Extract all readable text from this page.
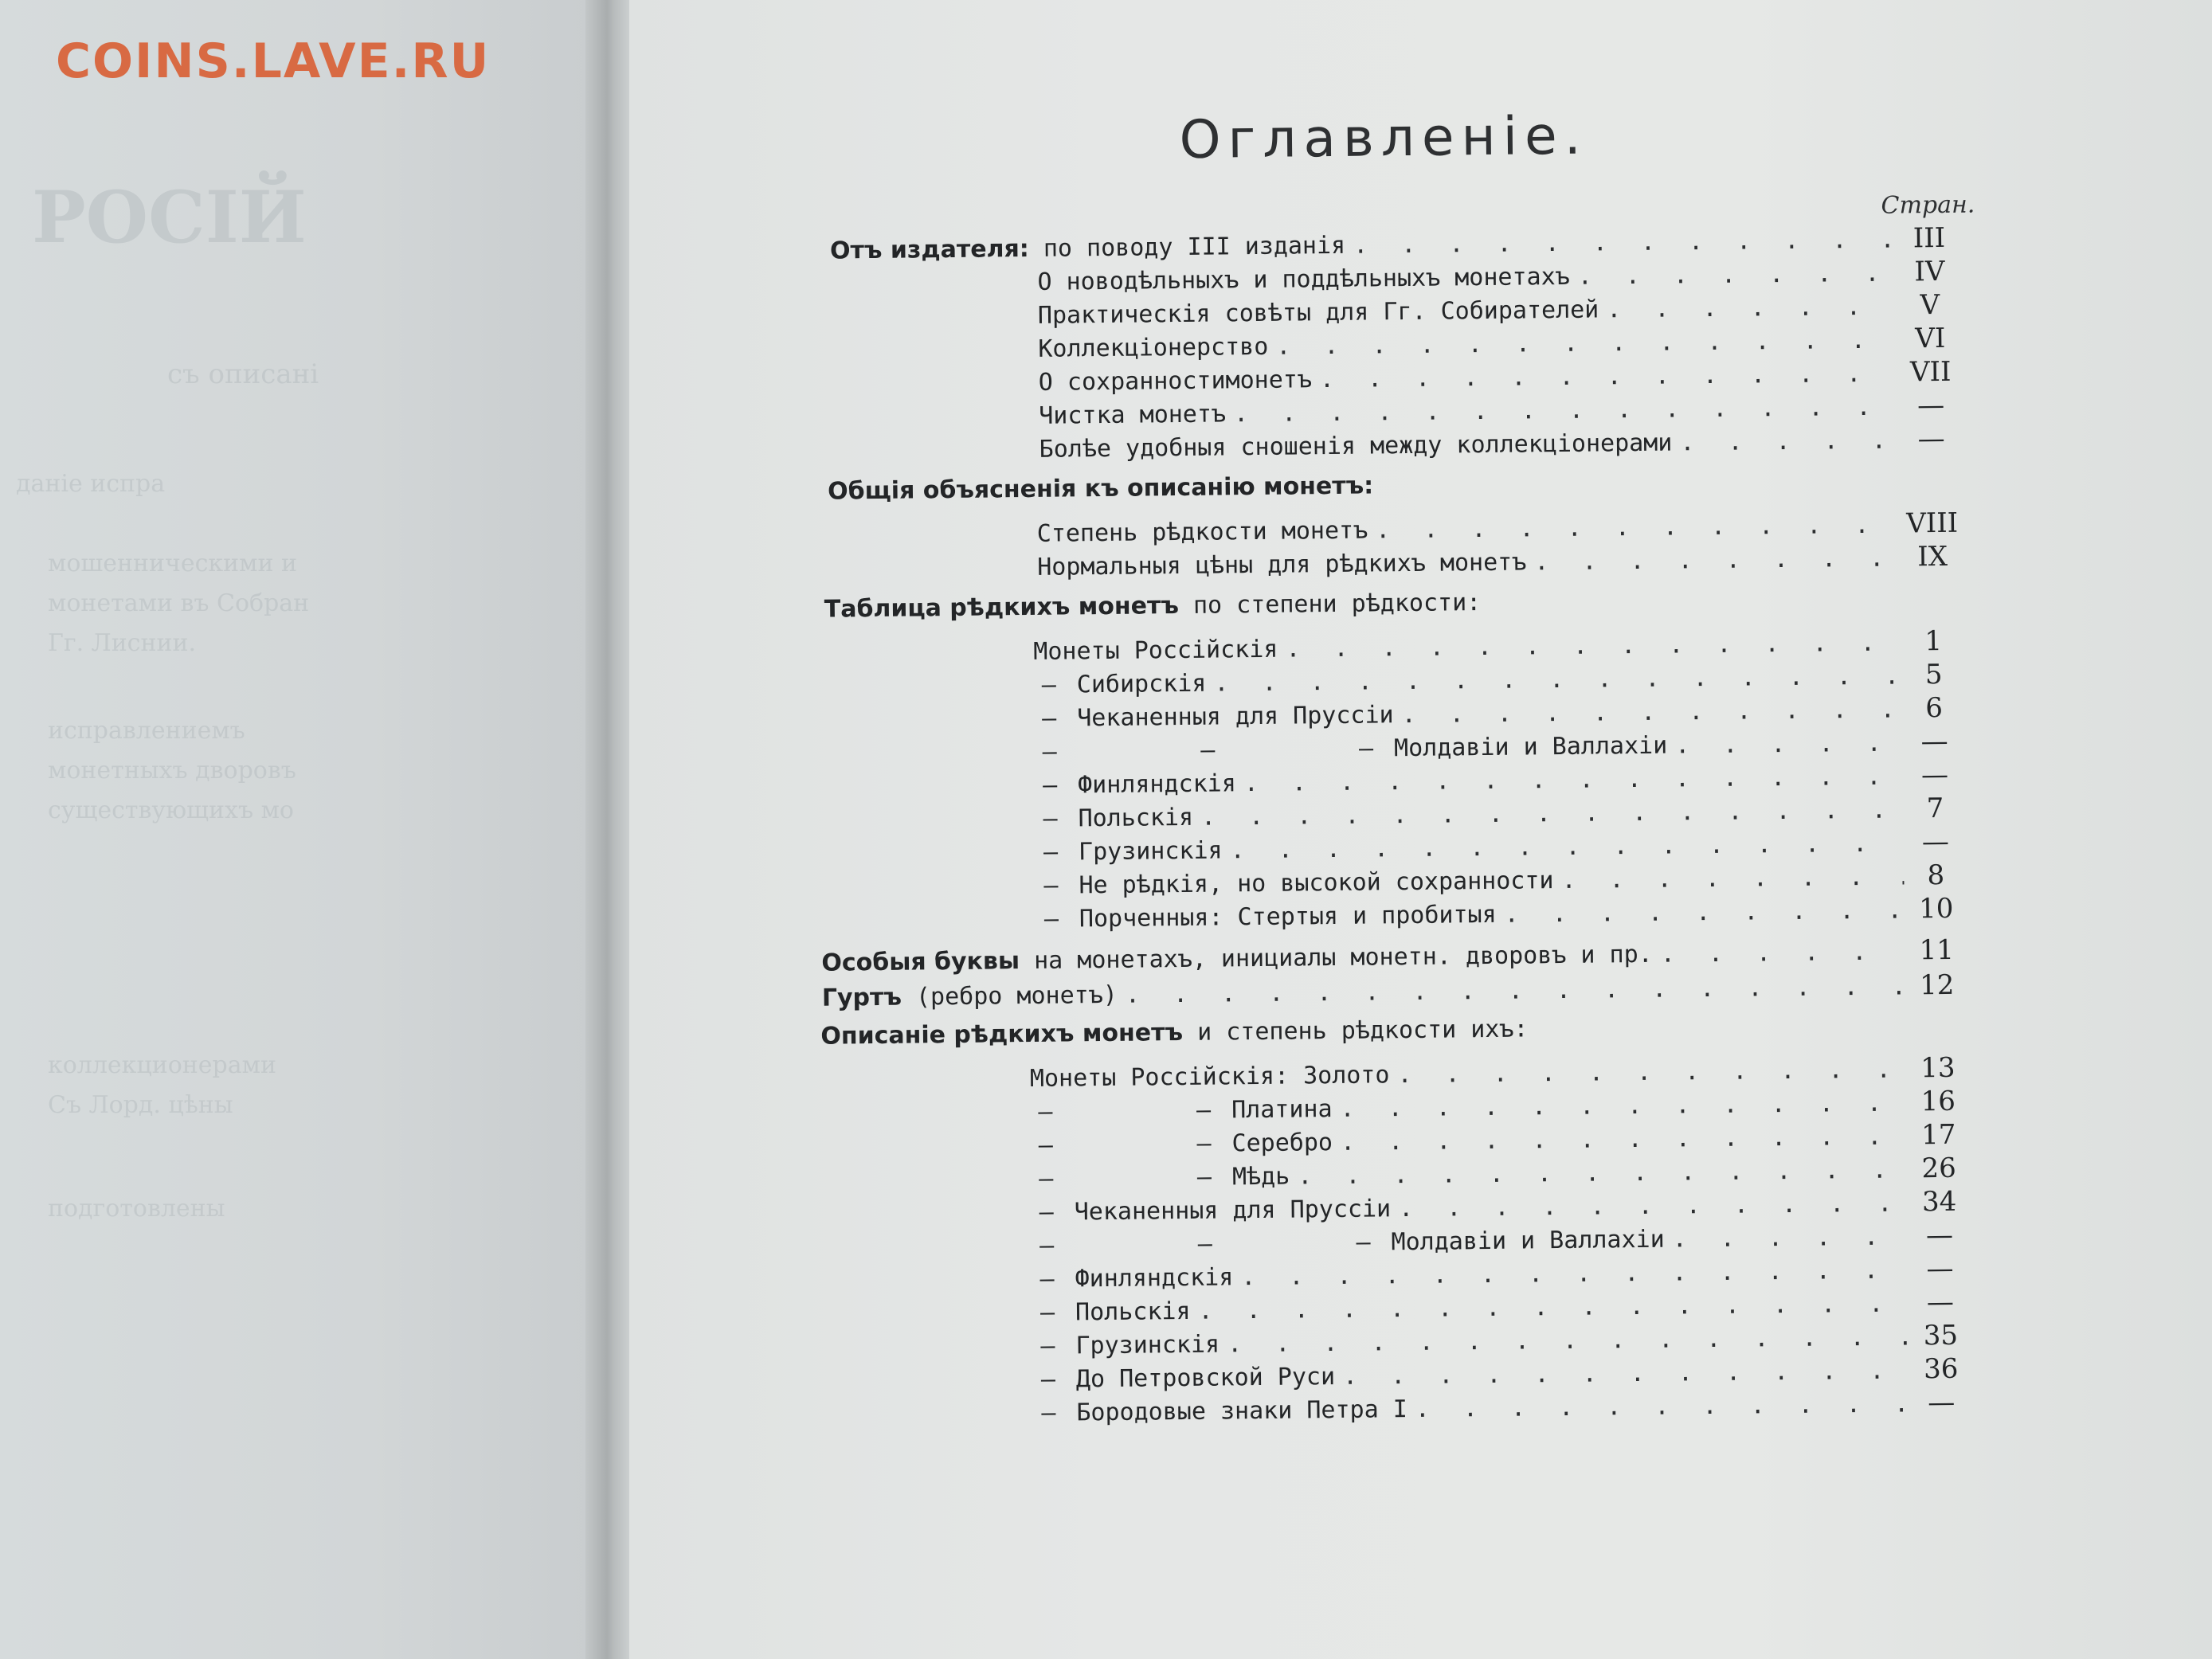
РОСІЙ
съ описані
данiе испра
мошенническими и
монетами въ Собран
Гг. Лиснии.
исправлениемъ
монетныхъ дворовъ
существующихъ мо
коллекционерами
Съ Лорд. цѣны
подготовлены

COINS.LAVE.RU

Оглавленiе.
Стран.
Отъ издателя: по поводу III изданiя . . .	III
О новодѣльныхъ и поддѣльныхъ монетахъ . . .	IV
Практическiя совѣты для Гг. Собирателей . . .	V
Коллекцiонерство . . .	VI
О сохранностимонетъ . . .	VII
Чистка монетъ . . .	—
Болѣе удобныя сношенiя между коллекцiонерами . . .	—
Общiя объясненiя къ описанiю монетъ:
Степень рѣдкости монетъ . . .	VIII
Нормальныя цѣны для рѣдкихъ монетъ . . .	IX
Таблица рѣдкихъ монетъ по степени рѣдкости:
Монеты Россiйскiя . . .	1
— Сибирскiя . . .	5
— Чеканенныя для Пруссiи . . .	6
—          —          — Молдавiи и Валлахiи . . .	—
— Финляндскiя . . .	—
— Польскiя . . .	7
— Грузинскiя . . .	—
— Не рѣдкiя, но высокой сохранности . . .	8
— Порченныя: Стертыя и пробитыя . . .	10
Особыя буквы на монетахъ, инициалы монетн. дворовъ и пр. . . .	11
Гуртъ (ребро монетъ) . . .	12
Описанiе рѣдкихъ монетъ и степень рѣдкости ихъ:
Монеты Россiйскiя: Золото . . .	13
—          — Платина . . .	16
—          — Серебро . . .	17
—          — Мѣдь . . .	26
— Чеканенныя для Пруссiи . . .	34
—          —          — Молдавiи и Валлахiи . . .	—
— Финляндскiя . . .	—
— Польскiя . . .	—
— Грузинскiя . . .	35
— До Петровской Руси . . .	36
— Бородовые знаки Петра I . . .	—
